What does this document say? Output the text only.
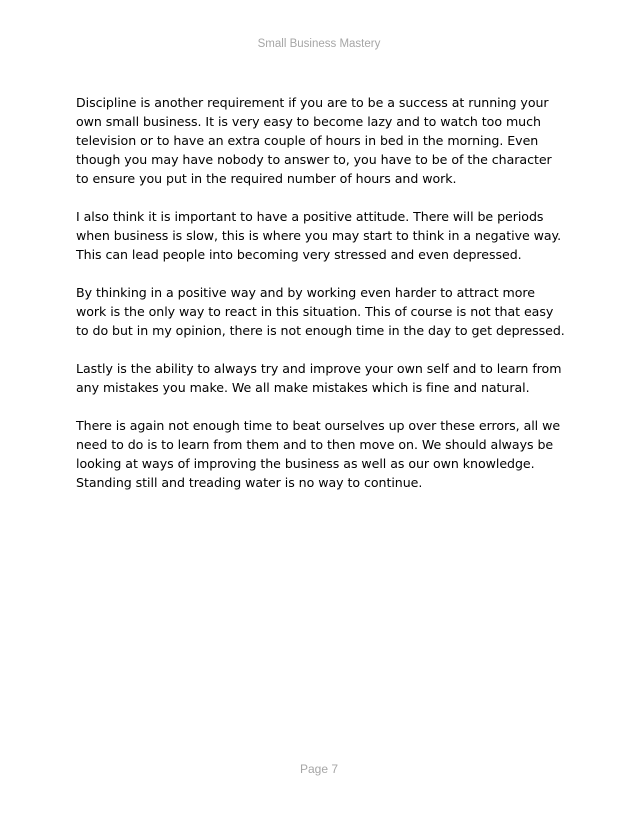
Small Business Mastery

Discipline is another requirement if you are to be a success at running your own small business. It is very easy to become lazy and to watch too much television or to have an extra couple of hours in bed in the morning. Even though you may have nobody to answer to, you have to be of the character to ensure you put in the required number of hours and work.

I also think it is important to have a positive attitude. There will be periods when business is slow, this is where you may start to think in a negative way. This can lead people into becoming very stressed and even depressed.

By thinking in a positive way and by working even harder to attract more work is the only way to react in this situation. This of course is not that easy to do but in my opinion, there is not enough time in the day to get depressed.

Lastly is the ability to always try and improve your own self and to learn from any mistakes you make. We all make mistakes which is fine and natural.

There is again not enough time to beat ourselves up over these errors, all we need to do is to learn from them and to then move on. We should always be looking at ways of improving the business as well as our own knowledge. Standing still and treading water is no way to continue.

Page 7
